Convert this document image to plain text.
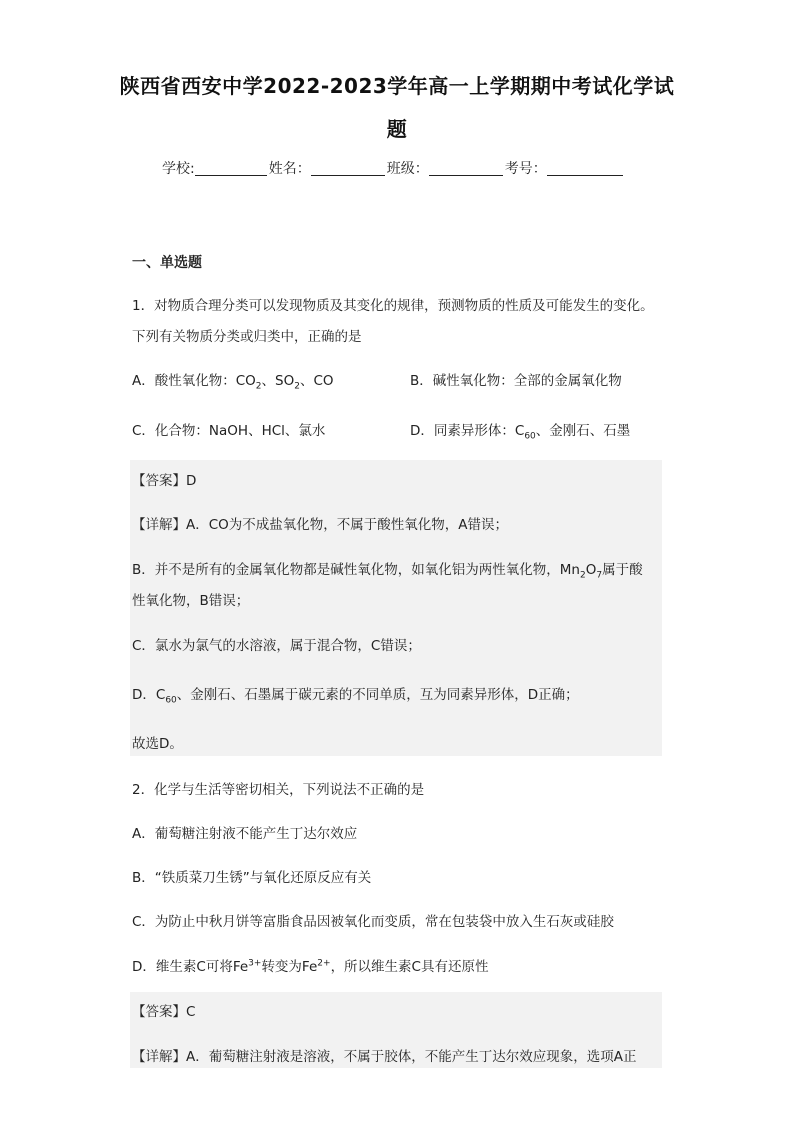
陕西省西安中学2022-2023学年高一上学期期中考试化学试
题
学校:	姓名：	班级：	考号：
一、单选题
1．对物质合理分类可以发现物质及其变化的规律，预测物质的性质及可能发生的变化。
下列有关物质分类或归类中，正确的是
A．酸性氧化物：$CO_2$、$SO_2$、CO	B．碱性氧化物：全部的金属氧化物
C．化合物：NaOH、HCl、氯水	D．同素异形体：$C_{60}$、金刚石、石墨
【答案】D
【详解】A．CO为不成盐氧化物，不属于酸性氧化物，A错误；
B．并不是所有的金属氧化物都是碱性氧化物，如氧化铝为两性氧化物，$Mn_2O_7$属于酸
性氧化物，B错误；
C．氯水为氯气的水溶液，属于混合物，C错误；
D．$C_{60}$、金刚石、石墨属于碳元素的不同单质，互为同素异形体，D正确；
故选D。
2．化学与生活等密切相关，下列说法不正确的是
A．葡萄糖注射液不能产生丁达尔效应
B．“铁质菜刀生锈”与氧化还原反应有关
C．为防止中秋月饼等富脂食品因被氧化而变质，常在包装袋中放入生石灰或硅胶
D．维生素C可将$Fe^{3+}$转变为$Fe^{2+}$，所以维生素C具有还原性
【答案】C
【详解】A．葡萄糖注射液是溶液，不属于胶体，不能产生丁达尔效应现象，选项A正
